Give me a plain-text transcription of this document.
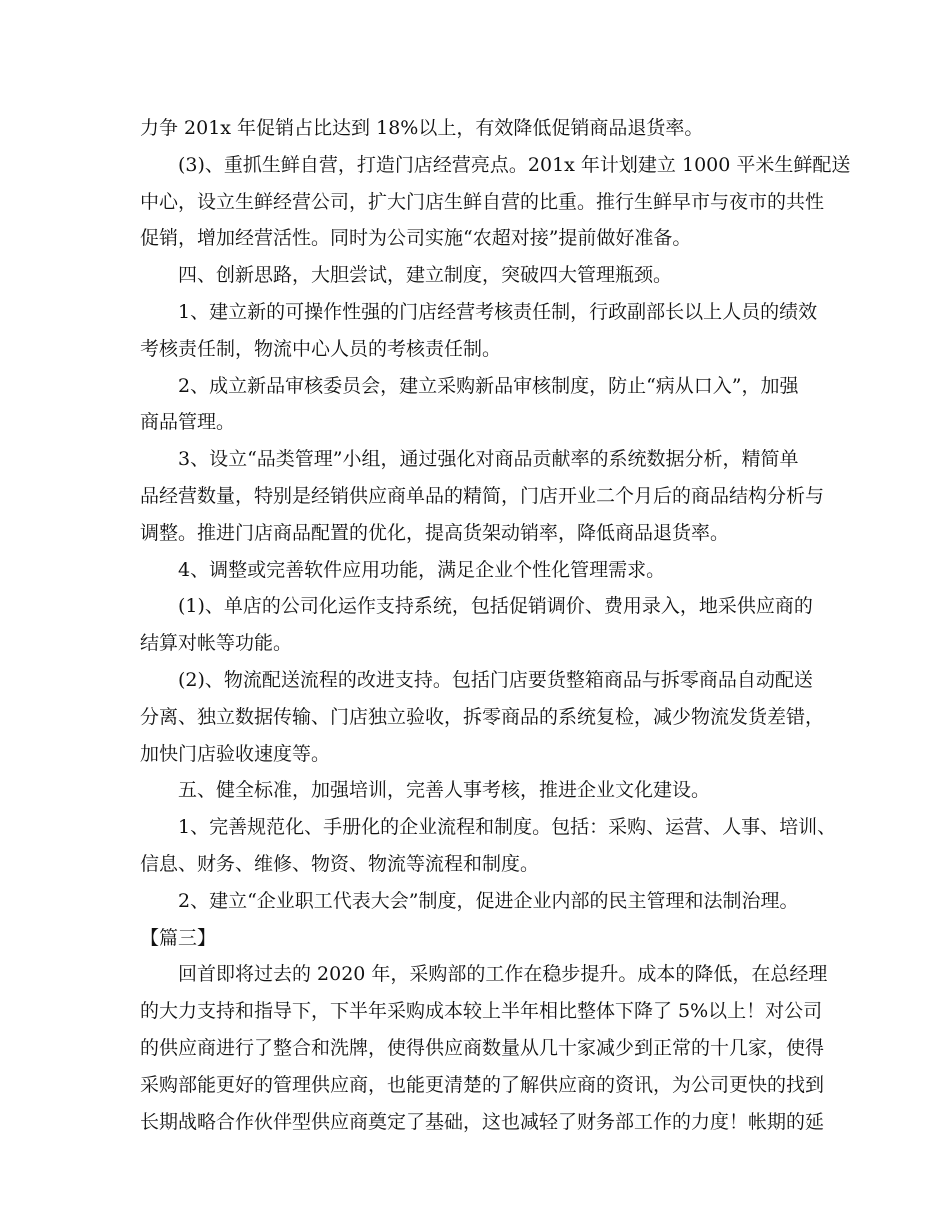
力争 201x 年促销占比达到 18%以上，有效降低促销商品退货率。

(3)、重抓生鲜自营，打造门店经营亮点。201x 年计划建立 1000 平米生鲜配送

中心，设立生鲜经营公司，扩大门店生鲜自营的比重。推行生鲜早市与夜市的共性

促销，增加经营活性。同时为公司实施“农超对接”提前做好准备。

四、创新思路，大胆尝试，建立制度，突破四大管理瓶颈。

1、建立新的可操作性强的门店经营考核责任制，行政副部长以上人员的绩效

考核责任制，物流中心人员的考核责任制。

2、成立新品审核委员会，建立采购新品审核制度，防止“病从口入”，加强

商品管理。

3、设立“品类管理”小组，通过强化对商品贡献率的系统数据分析，精简单

品经营数量，特别是经销供应商单品的精简，门店开业二个月后的商品结构分析与

调整。推进门店商品配置的优化，提高货架动销率，降低商品退货率。

4、调整或完善软件应用功能，满足企业个性化管理需求。

(1)、单店的公司化运作支持系统，包括促销调价、费用录入，地采供应商的

结算对帐等功能。

(2)、物流配送流程的改进支持。包括门店要货整箱商品与拆零商品自动配送

分离、独立数据传输、门店独立验收，拆零商品的系统复检，减少物流发货差错，

加快门店验收速度等。

五、健全标准，加强培训，完善人事考核，推进企业文化建设。

1、完善规范化、手册化的企业流程和制度。包括：采购、运营、人事、培训、

信息、财务、维修、物资、物流等流程和制度。

2、建立“企业职工代表大会”制度，促进企业内部的民主管理和法制治理。

【篇三】

回首即将过去的 2020 年，采购部的工作在稳步提升。成本的降低，在总经理

的大力支持和指导下，下半年采购成本较上半年相比整体下降了 5%以上！对公司

的供应商进行了整合和洗牌，使得供应商数量从几十家减少到正常的十几家，使得

采购部能更好的管理供应商，也能更清楚的了解供应商的资讯，为公司更快的找到

长期战略合作伙伴型供应商奠定了基础，这也减轻了财务部工作的力度！帐期的延
